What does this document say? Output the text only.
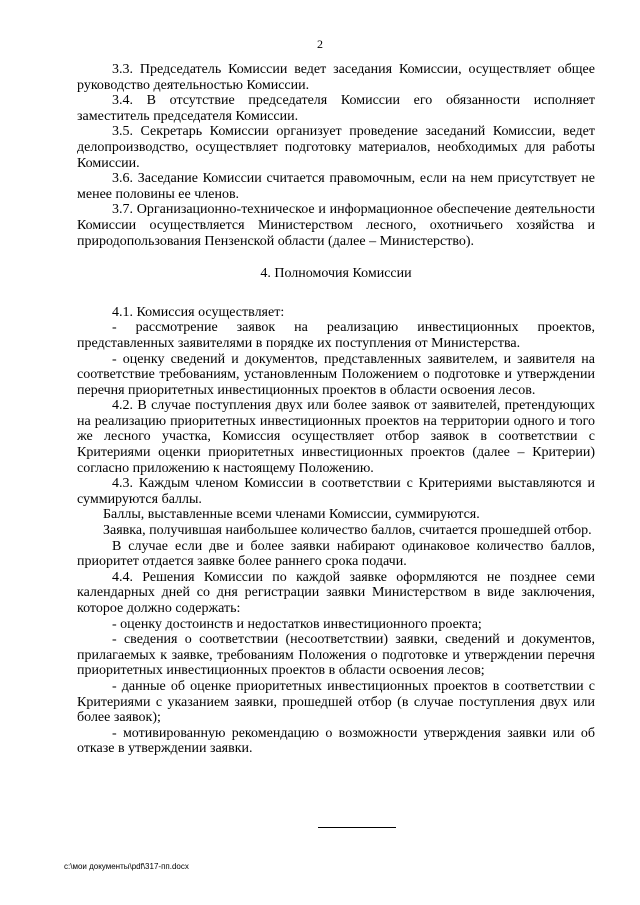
2

3.3. Председатель Комиссии ведет заседания Комиссии, осуществляет общее руководство деятельностью Комиссии.

3.4. В отсутствие председателя Комиссии его обязанности исполняет заместитель председателя Комиссии.

3.5. Секретарь Комиссии организует проведение заседаний Комиссии, ведет делопроизводство, осуществляет подготовку материалов, необходимых для работы Комиссии.

3.6. Заседание Комиссии считается правомочным, если на нем присутствует не менее половины ее членов.

3.7. Организационно-техническое и информационное обеспечение деятельности Комиссии осуществляется Министерством лесного, охотничьего хозяйства и природопользования Пензенской области (далее – Министерство).

4. Полномочия Комиссии

4.1. Комиссия осуществляет:

- рассмотрение заявок на реализацию инвестиционных проектов, представленных заявителями в порядке их поступления от Министерства.

- оценку сведений и документов, представленных заявителем, и заявителя на соответствие требованиям, установленным Положением о подготовке и утверждении перечня приоритетных инвестиционных проектов в области освоения лесов.

4.2. В случае поступления двух или более заявок от заявителей, претендующих на реализацию приоритетных инвестиционных проектов на территории одного и того же лесного участка, Комиссия осуществляет отбор заявок в соответствии с Критериями оценки приоритетных инвестиционных проектов (далее – Критерии) согласно приложению к настоящему Положению.

4.3. Каждым членом Комиссии в соответствии с Критериями выставляются и суммируются баллы.

Баллы, выставленные всеми членами Комиссии, суммируются.

Заявка, получившая наибольшее количество баллов, считается прошедшей отбор.

В случае если две и более заявки набирают одинаковое количество баллов, приоритет отдается заявке более раннего срока подачи.

4.4. Решения Комиссии по каждой заявке оформляются не позднее семи календарных дней со дня регистрации заявки Министерством в виде заключения, которое должно содержать:

- оценку достоинств и недостатков инвестиционного проекта;

- сведения о соответствии (несоответствии) заявки, сведений и документов, прилагаемых к заявке, требованиям Положения о подготовке и утверждении перечня приоритетных инвестиционных проектов в области освоения лесов;

- данные об оценке приоритетных инвестиционных проектов в соответствии с Критериями с указанием заявки, прошедшей отбор (в случае поступления двух или более заявок);

- мотивированную рекомендацию о возможности утверждения заявки или об отказе в утверждении заявки.

c:\мои документы\pdf\317-пп.docx
